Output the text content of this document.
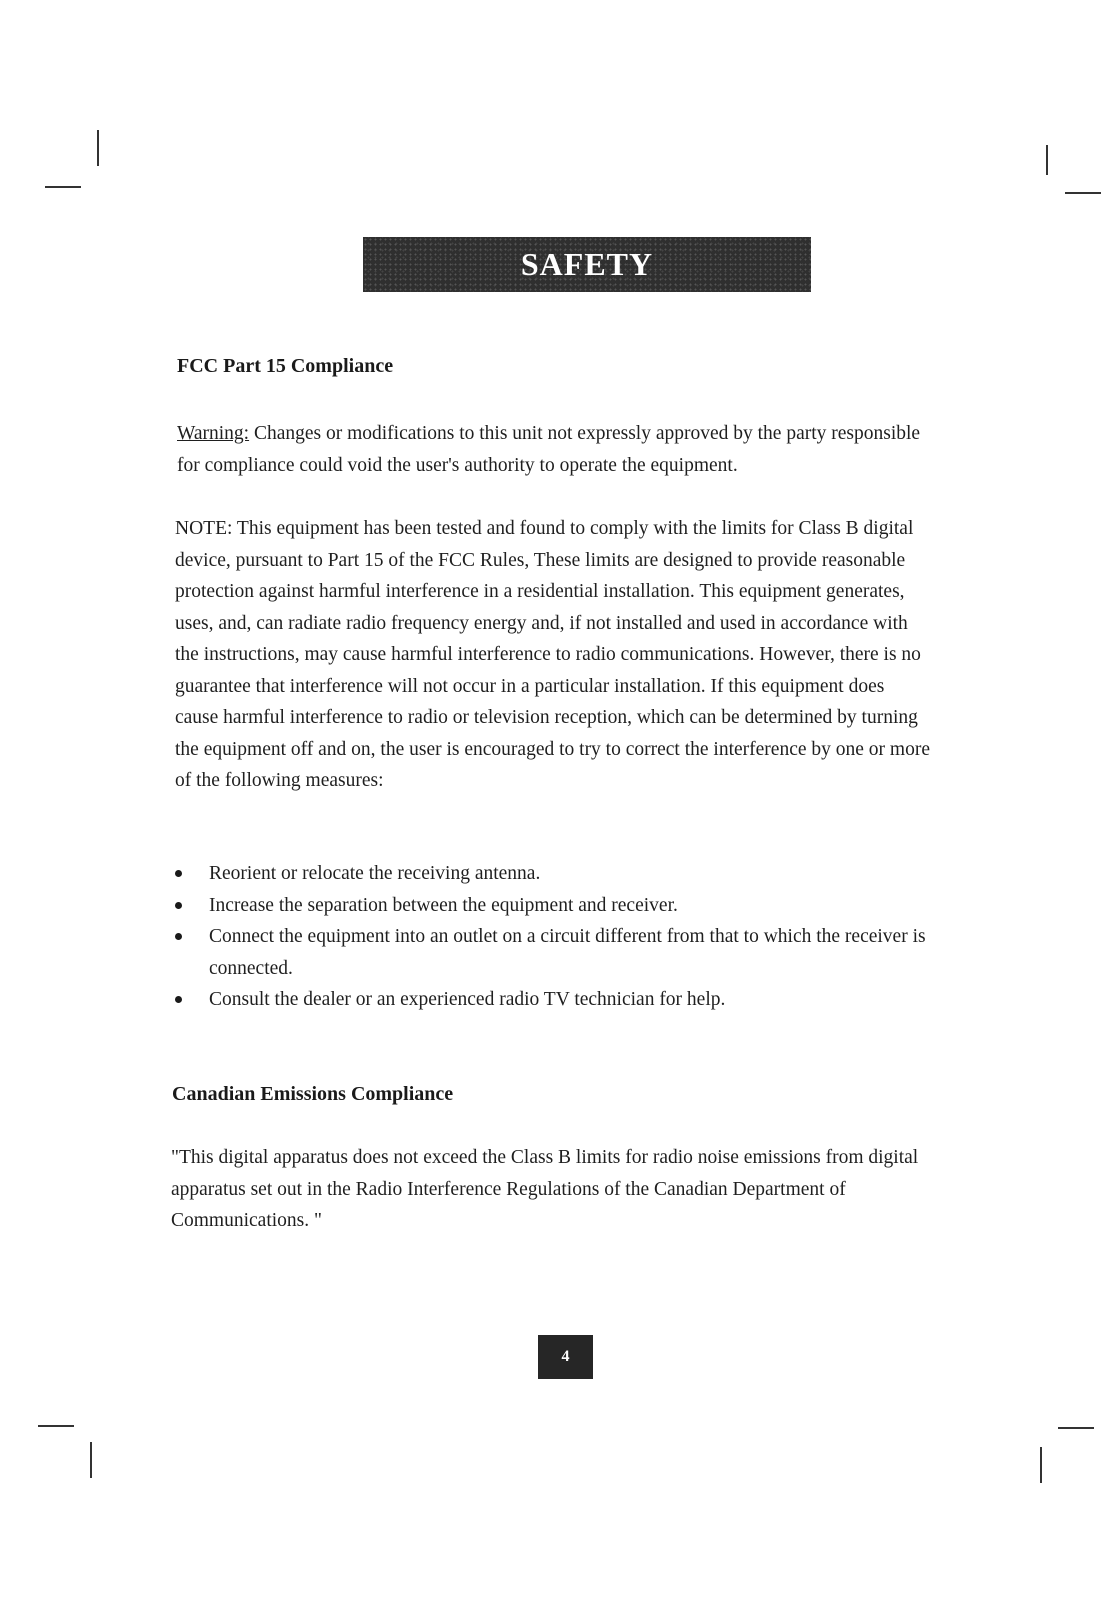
SAFETY
FCC Part 15 Compliance
Warning: Changes or modifications to this unit not expressly approved by the party responsible for compliance could void the user's authority to operate the equipment.
NOTE: This equipment has been tested and found to comply with the limits for Class B digital device, pursuant to Part 15 of the FCC Rules, These limits are designed to provide reasonable protection against harmful interference in a residential installation. This equipment generates, uses, and, can radiate radio frequency energy and, if not installed and used in accordance with the instructions, may cause harmful interference to radio communications. However, there is no guarantee that interference will not occur in a particular installation. If this equipment does cause harmful interference to radio or television reception, which can be determined by turning the equipment off and on, the user is encouraged to try to correct the interference by one or more of the following measures:
Reorient or relocate the receiving antenna.
Increase the separation between the equipment and receiver.
Connect the equipment into an outlet on a circuit different from that to which the receiver is connected.
Consult the dealer or an experienced radio TV technician for help.
Canadian Emissions Compliance
"This digital apparatus does not exceed the Class B limits for radio noise emissions from digital apparatus set out in the Radio Interference Regulations of the Canadian Department of Communications. "
4
